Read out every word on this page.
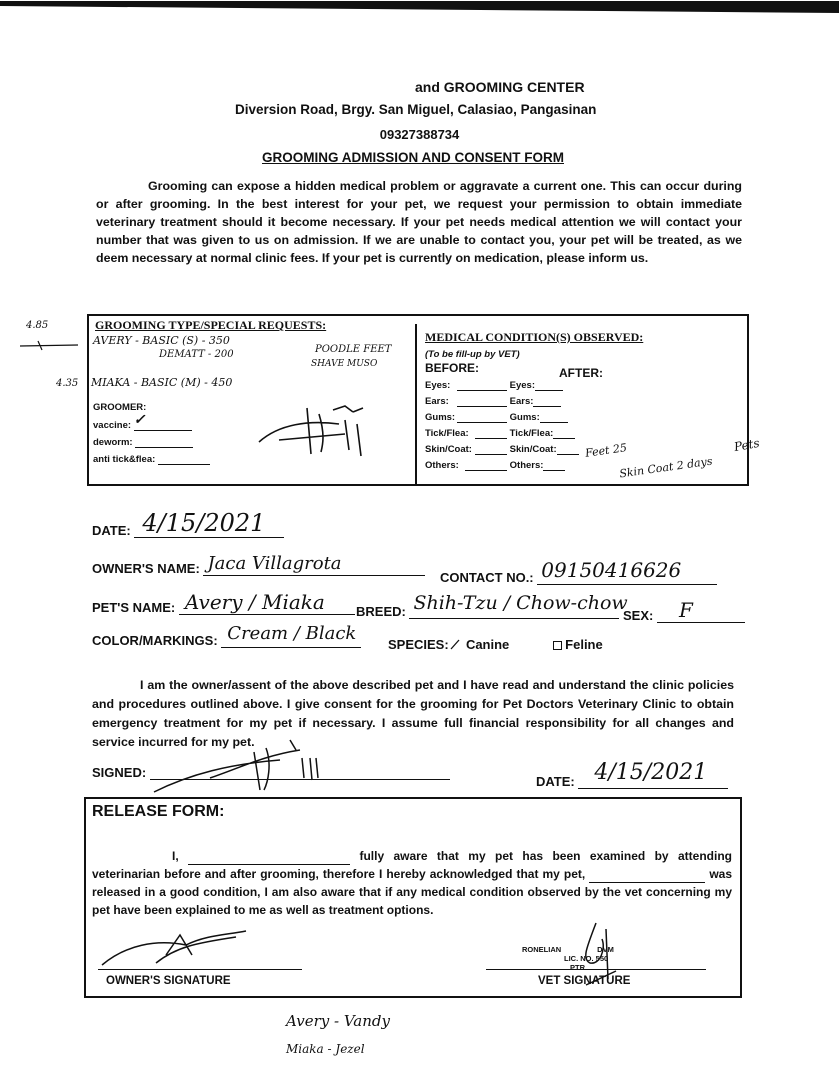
and GROOMING CENTER
Diversion Road, Brgy. San Miguel, Calasiao, Pangasinan
09327388734
GROOMING ADMISSION AND CONSENT FORM
Grooming can expose a hidden medical problem or aggravate a current one. This can occur during or after grooming. In the best interest for your pet, we request your permission to obtain immediate veterinary treatment should it become necessary. If your pet needs medical attention we will contact your number that was given to us on admission. If we are unable to contact you, your pet will be treated, as we deem necessary at normal clinic fees. If your pet is currently on medication, please inform us.
GROOMING TYPE/SPECIAL REQUESTS:
AVERY - BASIC (S) - 350
DEMATT - 200	POODLE FEET
SHAVE MUSO
MIAKA - BASIC (M) - 450
GROOMER:
vaccine: ✓
deworm:
anti tick&flea:
MEDICAL CONDITION(S) OBSERVED:
(To be fill-up by VET)
BEFORE:	AFTER:
Eyes:	Eyes:
Ears:	Ears:
Gums:	Gums:
Tick/Flea:	Tick/Flea:
Skin/Coat:	Skin/Coat:
Others:	Others:
Feet 25
Skin Coat 2 days
Pets
4.85
4.35
DATE: 4/15/2021
OWNER'S NAME: Jaca Villagrota
CONTACT NO.: 09150416626
PET'S NAME: Avery / Miaka BREED: Shih-Tzu / Chow-chow
SEX: F
COLOR/MARKINGS: Cream / Black
SPECIES: Canine	Feline
I am the owner/assent of the above described pet and I have read and understand the clinic policies and procedures outlined above. I give consent for the grooming for Pet Doctors Veterinary Clinic to obtain emergency treatment for my pet if necessary. I assume full financial responsibility for all changes and service incurred for my pet.
SIGNED:
DATE: 4/15/2021
RELEASE FORM:
I,	fully aware that my pet has been examined by attending veterinarian before and after grooming, therefore I hereby acknowledged that my pet,	was released in a good condition, I am also aware that if any medical condition observed by the vet concerning my pet have been explained to me as well as treatment options.
OWNER'S SIGNATURE
RONELIAN	DVM
LIC. NO. 550
PTR
VET SIGNATURE
Avery - Vandy
Miaka - Jezel
